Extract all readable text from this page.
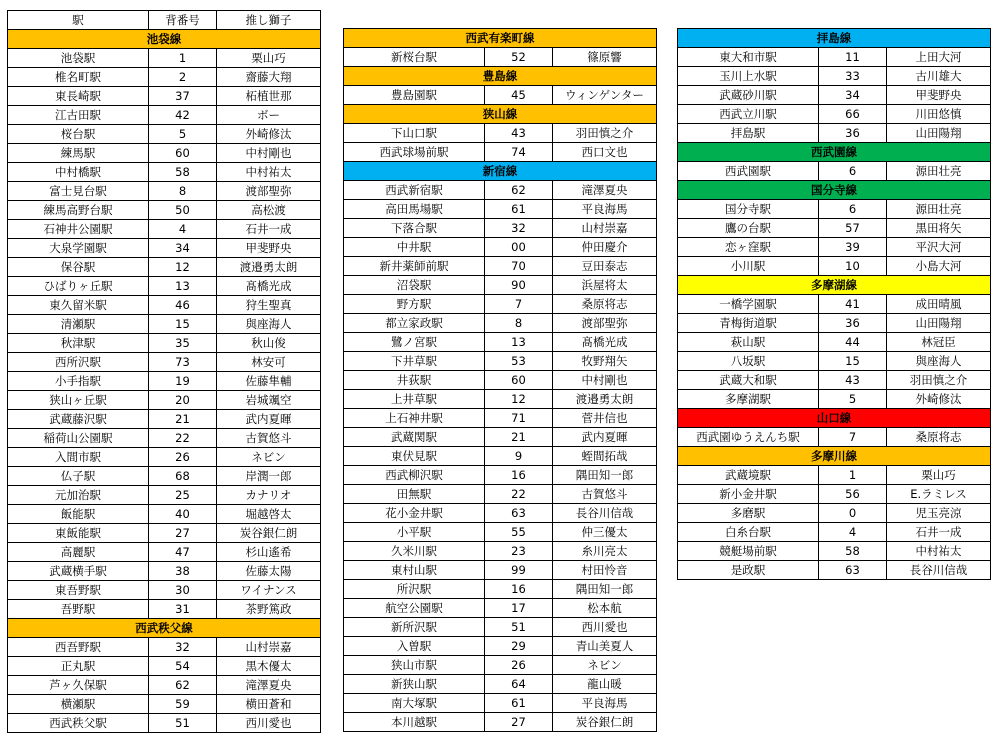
駅	背番号	推し獅子
池袋線		
池袋駅	1	栗山巧
椎名町駅	2	齋藤大翔
東長崎駅	37	柘植世那
江古田駅	42	ボー
桜台駅	5	外崎修汰
練馬駅	60	中村剛也
中村橋駅	58	中村祐太
富士見台駅	8	渡部聖弥
練馬高野台駅	50	高松渡
石神井公園駅	4	石井一成
大泉学園駅	34	甲斐野央
保谷駅	12	渡邉勇太朗
ひばりヶ丘駅	13	髙橋光成
東久留米駅	46	狩生聖真
清瀬駅	15	與座海人
秋津駅	35	秋山俊
西所沢駅	73	林安可
小手指駅	19	佐藤隼輔
狭山ヶ丘駅	20	岩城颯空
武蔵藤沢駅	21	武内夏暉
稲荷山公園駅	22	古賀悠斗
入間市駅	26	ネビン
仏子駅	68	岸潤一郎
元加治駅	25	カナリオ
飯能駅	40	堀越啓太
東飯能駅	27	炭谷銀仁朗
高麗駅	47	杉山遙希
武蔵横手駅	38	佐藤太陽
東吾野駅	30	ワイナンス
吾野駅	31	茶野篤政
西武秩父線		
西吾野駅	32	山村崇嘉
正丸駅	54	黒木優太
芦ヶ久保駅	62	滝澤夏央
横瀬駅	59	横田蒼和
西武秩父駅	51	西川愛也

西武有楽町線		
新桜台駅	52	篠原響
豊島線		
豊島園駅	45	ウィンゲンター
狭山線		
下山口駅	43	羽田慎之介
西武球場前駅	74	西口文也
新宿線		
西武新宿駅	62	滝澤夏央
高田馬場駅	61	平良海馬
下落合駅	32	山村崇嘉
中井駅	00	仲田慶介
新井薬師前駅	70	豆田泰志
沼袋駅	90	浜屋将太
野方駅	7	桑原将志
都立家政駅	8	渡部聖弥
鷺ノ宮駅	13	髙橋光成
下井草駅	53	牧野翔矢
井荻駅	60	中村剛也
上井草駅	12	渡邉勇太朗
上石神井駅	71	菅井信也
武蔵関駅	21	武内夏暉
東伏見駅	9	蛭間拓哉
西武柳沢駅	16	隅田知一郎
田無駅	22	古賀悠斗
花小金井駅	63	長谷川信哉
小平駅	55	仲三優太
久米川駅	23	糸川亮太
東村山駅	99	村田怜音
所沢駅	16	隅田知一郎
航空公園駅	17	松本航
新所沢駅	51	西川愛也
入曽駅	29	青山美夏人
狭山市駅	26	ネビン
新狭山駅	64	龍山暖
南大塚駅	61	平良海馬
本川越駅	27	炭谷銀仁朗

拝島線		
東大和市駅	11	上田大河
玉川上水駅	33	古川雄大
武蔵砂川駅	34	甲斐野央
西武立川駅	66	川田悠慎
拝島駅	36	山田陽翔
西武園線		
西武園駅	6	源田壮亮
国分寺線		
国分寺駅	6	源田壮亮
鷹の台駅	57	黒田将矢
恋ヶ窪駅	39	平沢大河
小川駅	10	小島大河
多摩湖線		
一橋学園駅	41	成田晴風
青梅街道駅	36	山田陽翔
萩山駅	44	林冠臣
八坂駅	15	與座海人
武蔵大和駅	43	羽田慎之介
多摩湖駅	5	外崎修汰
山口線		
西武園ゆうえんち駅	7	桑原将志
多摩川線		
武蔵境駅	1	栗山巧
新小金井駅	56	E.ラミレス
多磨駅	0	児玉亮涼
白糸台駅	4	石井一成
競艇場前駅	58	中村祐太
是政駅	63	長谷川信哉
